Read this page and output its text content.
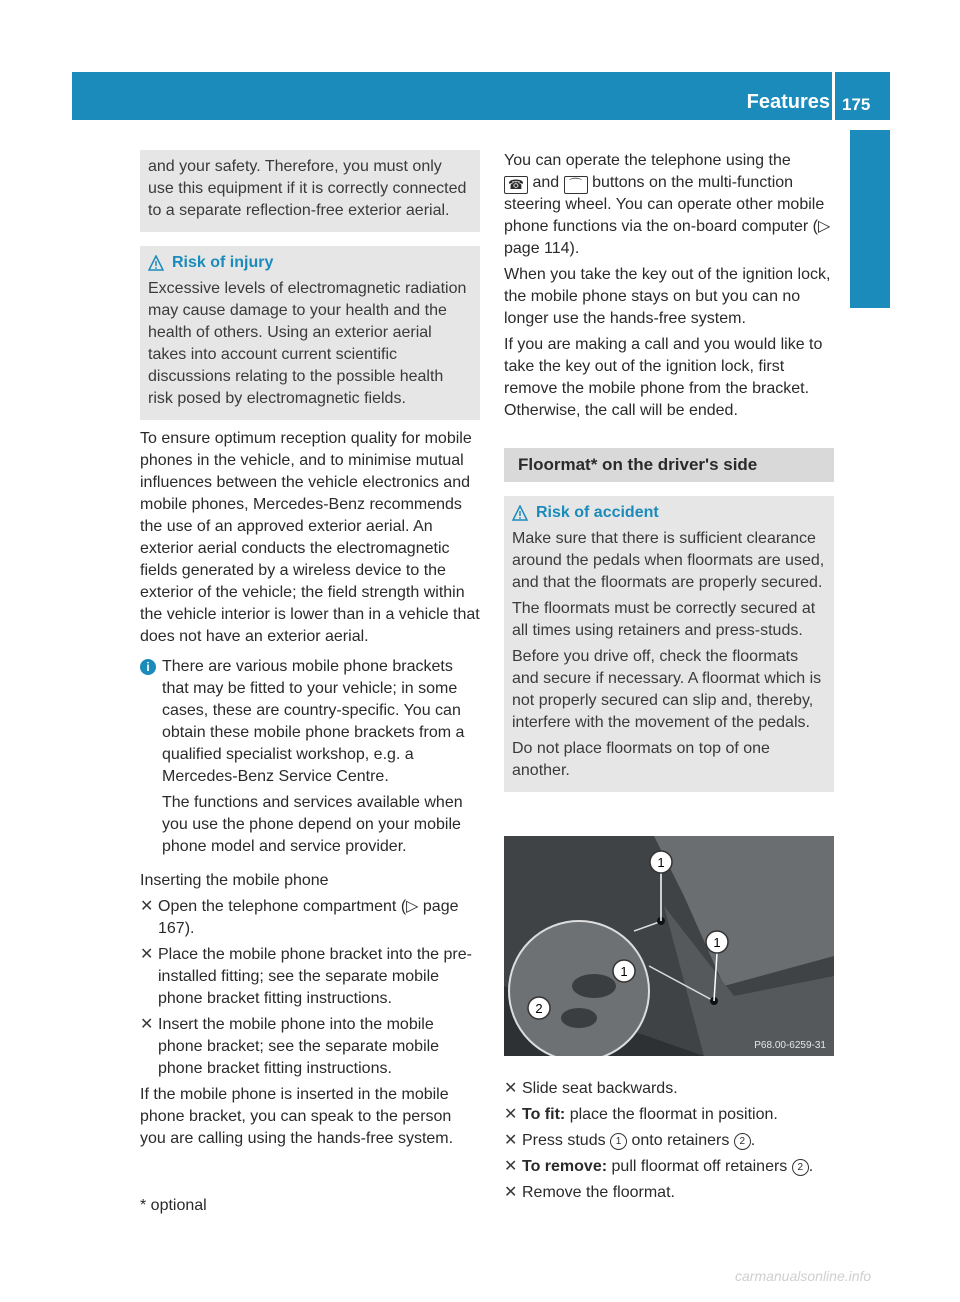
Features 175

and your safety. Therefore, you must only use this equipment if it is correctly connected to a separate reflection-free exterior aerial.

Risk of injury

Excessive levels of electromagnetic radiation may cause damage to your health and the health of others. Using an exterior aerial takes into account current scientific discussions relating to the possible health risk posed by electromagnetic fields.

To ensure optimum reception quality for mobile phones in the vehicle, and to minimise mutual influences between the vehicle electronics and mobile phones, Mercedes-Benz recommends the use of an approved exterior aerial. An exterior aerial conducts the electromagnetic fields generated by a wireless device to the exterior of the vehicle; the field strength within the vehicle interior is lower than in a vehicle that does not have an exterior aerial.

i There are various mobile phone brackets that may be fitted to your vehicle; in some cases, these are country-specific. You can obtain these mobile phone brackets from a qualified specialist workshop, e.g. a Mercedes-Benz Service Centre.

The functions and services available when you use the phone depend on your mobile phone model and service provider.

Inserting the mobile phone

✕ Open the telephone compartment (▷ page 167).
✕ Place the mobile phone bracket into the pre-installed fitting; see the separate mobile phone bracket fitting instructions.
✕ Insert the mobile phone into the mobile phone bracket; see the separate mobile phone bracket fitting instructions.

If the mobile phone is inserted in the mobile phone bracket, you can speak to the person you are calling using the hands-free system.

You can operate the telephone using the
☎ and ⌒ buttons on the multi-function steering wheel. You can operate other mobile phone functions via the on-board computer (▷ page 114).

When you take the key out of the ignition lock, the mobile phone stays on but you can no longer use the hands-free system.

If you are making a call and you would like to take the key out of the ignition lock, first remove the mobile phone from the bracket. Otherwise, the call will be ended.

Floormat* on the driver's side
Risk of accident

Make sure that there is sufficient clearance around the pedals when floormats are used, and that the floormats are properly secured.

The floormats must be correctly secured at all times using retainers and press-studs.

Before you drive off, check the floormats and secure if necessary. A floormat which is not properly secured can slip and, thereby, interfere with the movement of the pedals.

Do not place floormats on top of one another.

1
1
1
2
P68.00-6259-31
✕ Slide seat backwards.
✕ To fit: place the floormat in position.
✕ Press studs 1 onto retainers 2 .
✕ To remove: pull floormat off retainers 2 .
✕ Remove the floormat.
* optional
carmanualsonline.info
